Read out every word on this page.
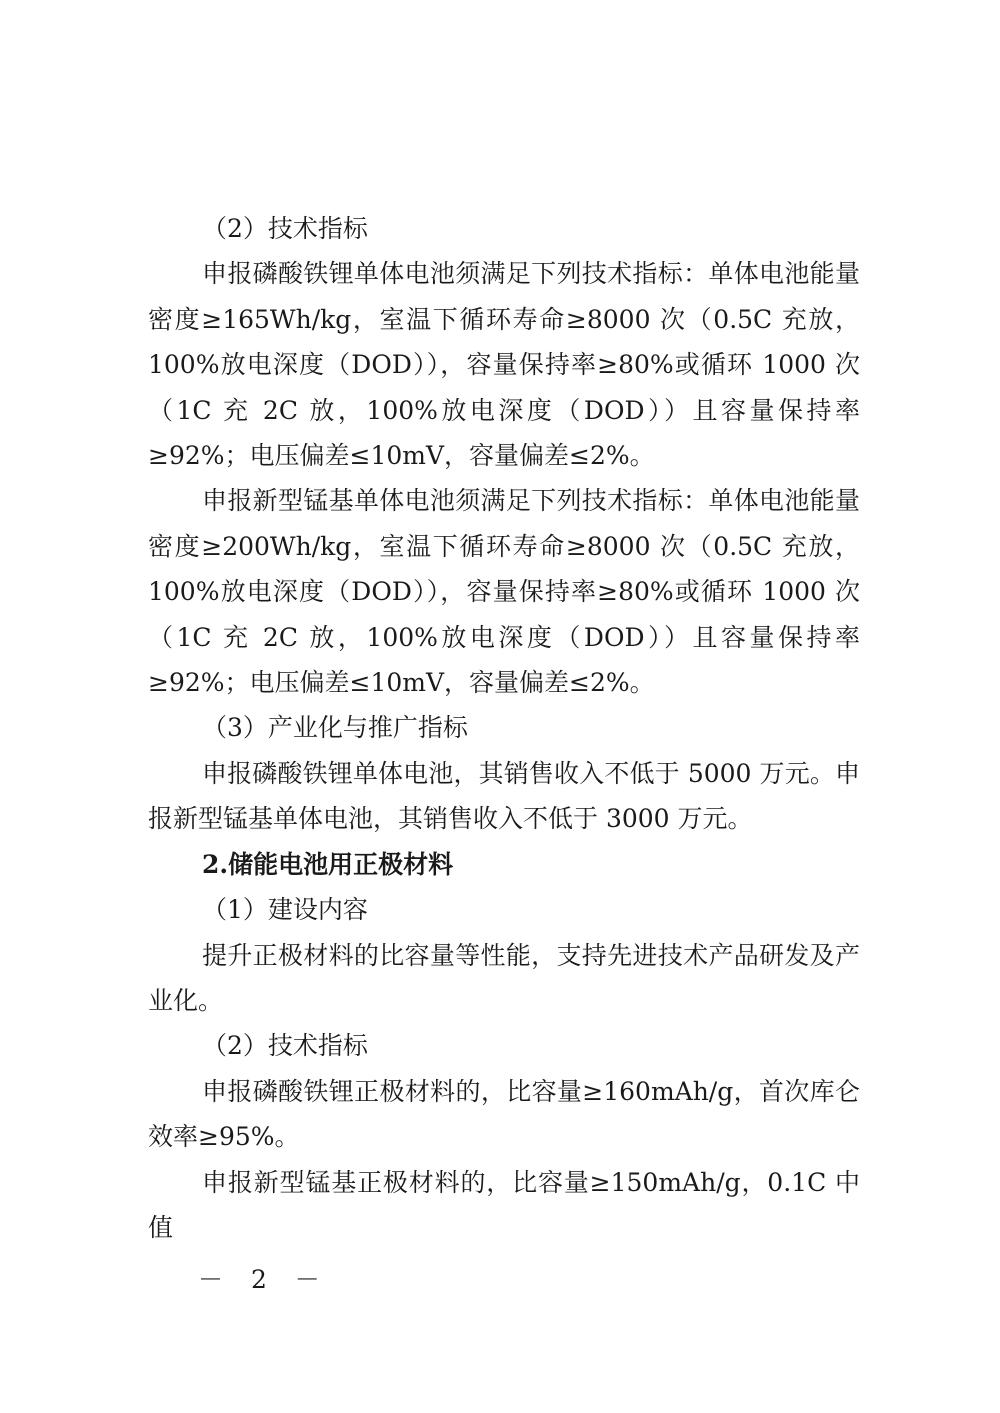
（2）技术指标

申报磷酸铁锂单体电池须满足下列技术指标：单体电池能量密度≥165Wh/kg，室温下循环寿命≥8000 次（0.5C 充放，100%放电深度（DOD）），容量保持率≥80%或循环 1000 次（1C 充 2C 放，100%放电深度（DOD））且容量保持率≥92%；电压偏差≤10mV，容量偏差≤2%。

申报新型锰基单体电池须满足下列技术指标：单体电池能量密度≥200Wh/kg，室温下循环寿命≥8000 次（0.5C 充放，100%放电深度（DOD）），容量保持率≥80%或循环 1000 次（1C 充 2C 放，100%放电深度（DOD））且容量保持率≥92%；电压偏差≤10mV，容量偏差≤2%。

（3）产业化与推广指标

申报磷酸铁锂单体电池，其销售收入不低于 5000 万元。申报新型锰基单体电池，其销售收入不低于 3000 万元。

2.储能电池用正极材料

（1）建设内容

提升正极材料的比容量等性能，支持先进技术产品研发及产业化。

（2）技术指标

申报磷酸铁锂正极材料的，比容量≥160mAh/g，首次库仑效率≥95%。

申报新型锰基正极材料的，比容量≥150mAh/g，0.1C 中值

－ 2 －
